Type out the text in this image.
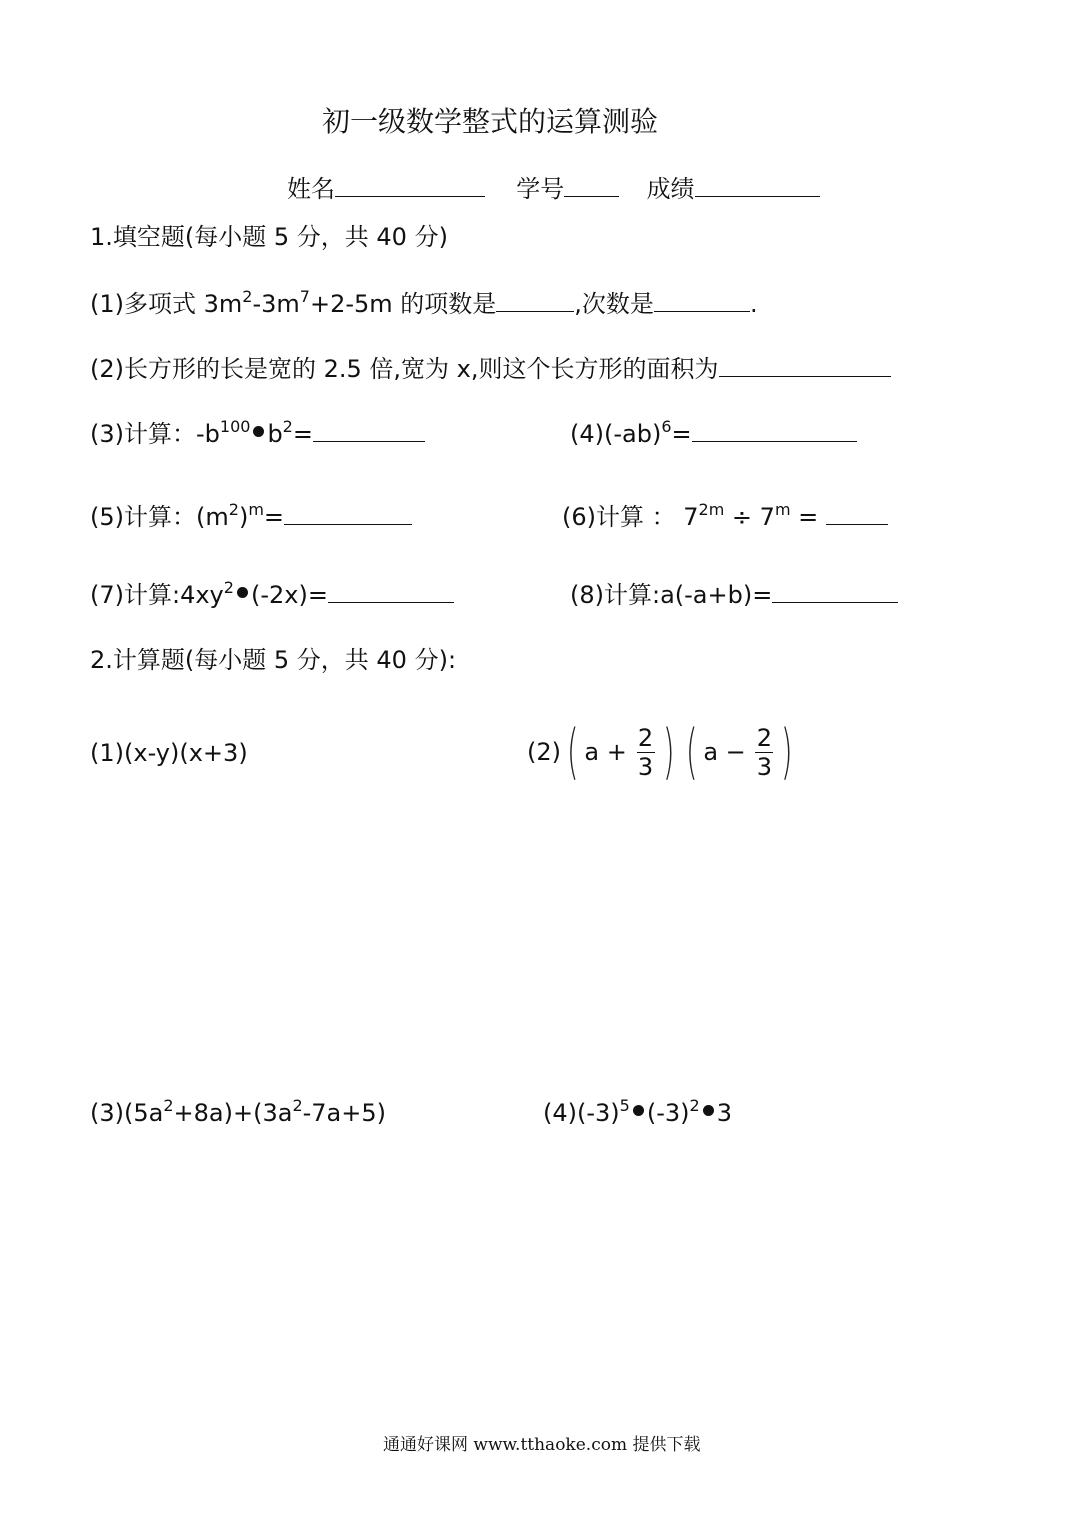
初一级数学整式的运算测验
姓名	学号	成绩
1.填空题(每小题 5 分，共 40 分)
(1)多项式 $3m^2-3m^7+2-5m$ 的项数是	,次数是	.
(2)长方形的长是宽的 2.5 倍,宽为 x,则这个长方形的面积为
(3)计算：$-b^{100}$ $b^2=$	$(4)(-ab)^6=$
(5)计算：$(m^2)^m=$	(6)计算 ： $7^{2m} \div 7^m$ =
(7)计算$:4xy^2$ (-2x)=	(8)计算:a(-a+b)=
2.计算题(每小题 5 分，共 40 分):
(1)(x-y)(x+3)	(2)( $a + \frac{2}{3}$ ) ( $a - \frac{2}{3}$ )
$(3)(5a^2+8a)+(3a^2-7a+5)$	$(4)(-3)^5$ $(-3)^2$ 3
通通好课网 www.tthaoke.com 提供下载
